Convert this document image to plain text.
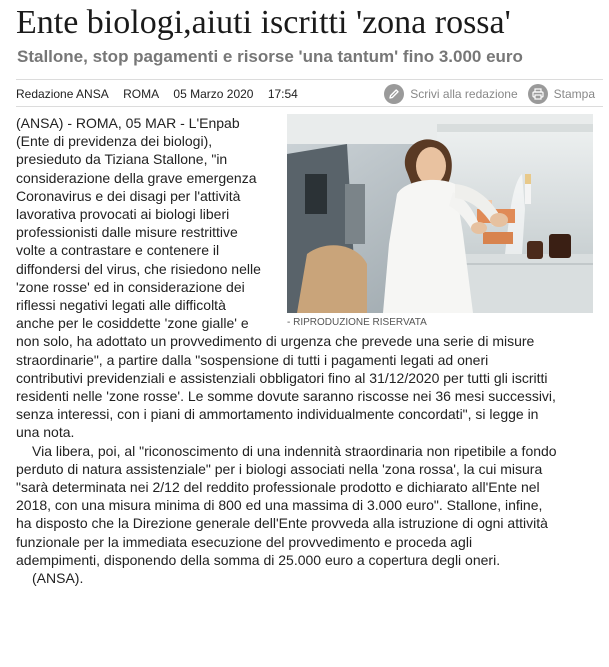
Ente biologi,aiuti iscritti 'zona rossa'
Stallone, stop pagamenti e risorse 'una tantum' fino 3.000 euro
Redazione ANSA ROMA 05 Marzo 2020 17:54	Scrivi alla redazione	Stampa
- RIPRODUZIONE RISERVATA

(ANSA) - ROMA, 05 MAR - L'Enpab
(Ente di previdenza dei biologi),
presieduto da Tiziana Stallone, "in
considerazione della grave emergenza
Coronavirus e dei disagi per l'attività
lavorativa provocati ai biologi liberi
professionisti dalle misure restrittive
volte a contrastare e contenere il
diffondersi del virus, che risiedono nelle
'zone rosse' ed in considerazione dei
riflessi negativi legati alle difficoltà
anche per le cosiddette 'zone gialle' e
non solo, ha adottato un provvedimento di urgenza che prevede una serie di misure
straordinarie", a partire dalla "sospensione di tutti i pagamenti legati ad oneri
contributivi previdenziali e assistenziali obbligatori fino al 31/12/2020 per tutti gli iscritti
residenti nelle 'zone rosse'. Le somme dovute saranno riscosse nei 36 mesi successivi,
senza interessi, con i piani di ammortamento individualmente concordati", si legge in
una nota.

Via libera, poi, al "riconoscimento di una indennità straordinaria non ripetibile a fondo
perduto di natura assistenziale" per i biologi associati nella 'zona rossa', la cui misura
"sarà determinata nei 2/12 del reddito professionale prodotto e dichiarato all'Ente nel
2018, con una misura minima di 800 ed una massima di 3.000 euro". Stallone, infine,
ha disposto che la Direzione generale dell'Ente provveda alla istruzione di ogni attività
funzionale per la immediata esecuzione del provvedimento e proceda agli
adempimenti, disponendo della somma di 25.000 euro a copertura degli oneri.

(ANSA).
